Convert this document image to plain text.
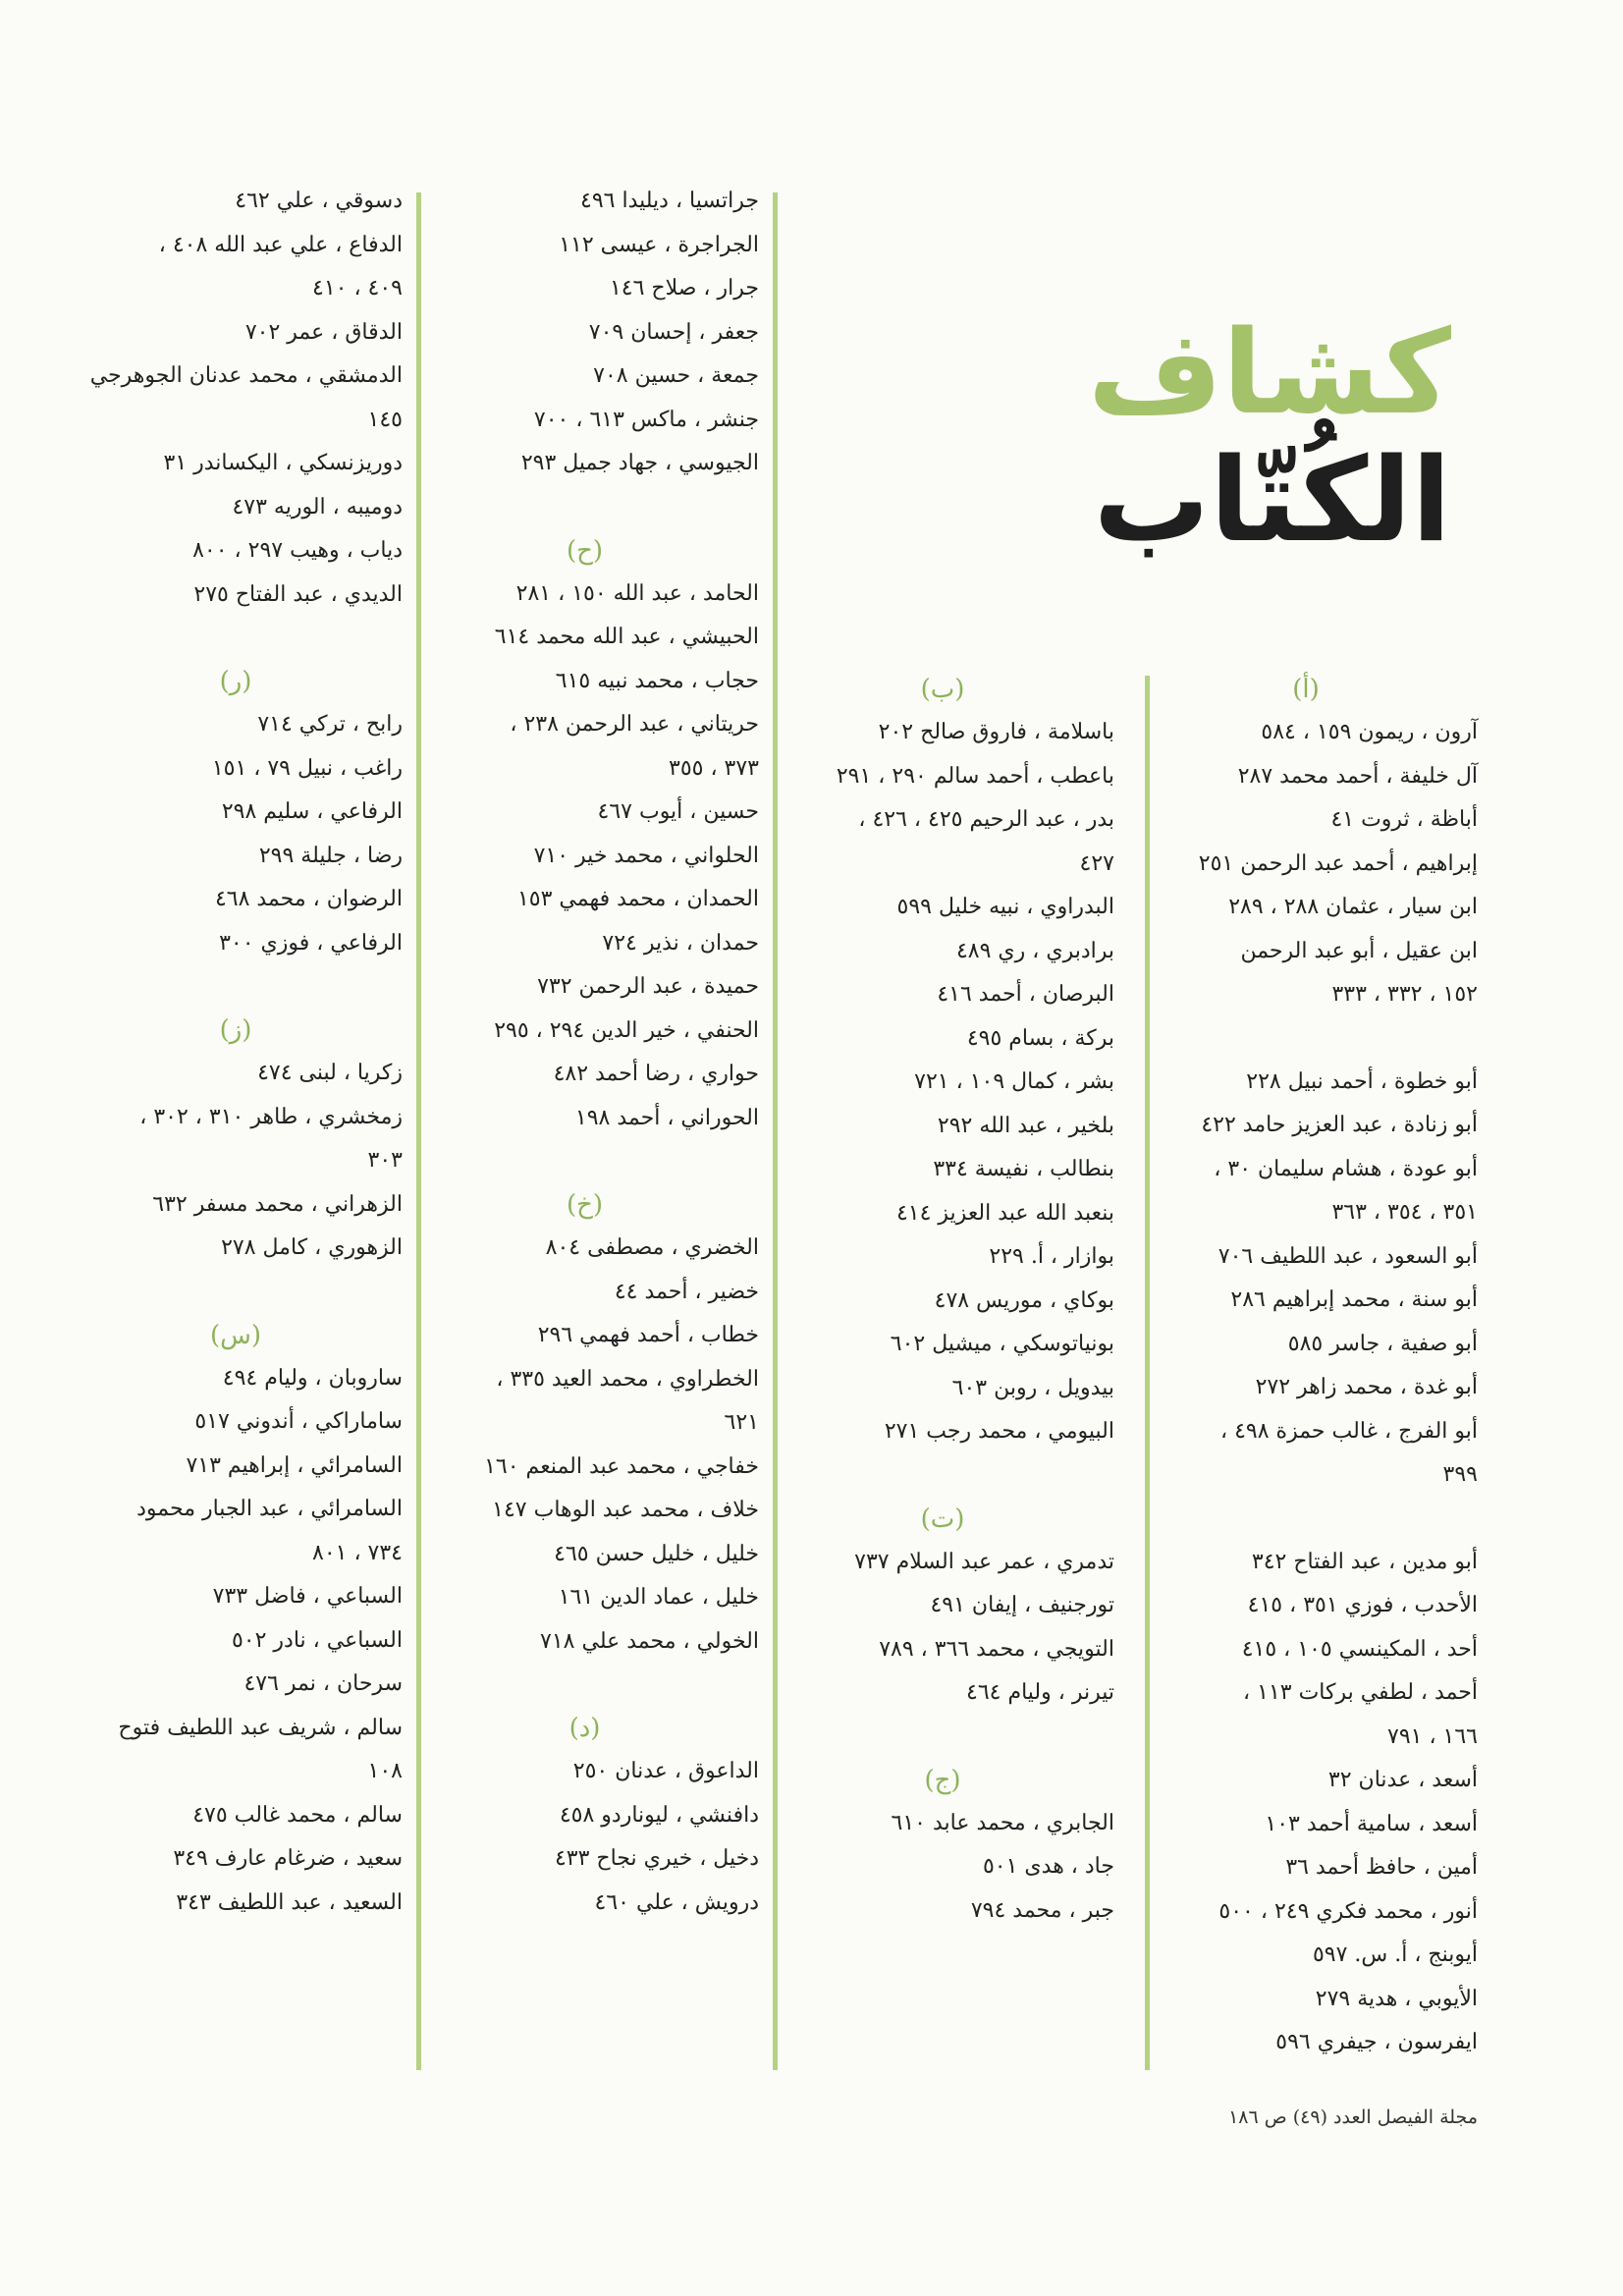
كشاف
الكُتّاب
(أ)
آرون ، ريمون ١٥٩ ، ٥٨٤
آل خليفة ، أحمد محمد ٢٨٧
أباظة ، ثروت ٤١
إبراهيم ، أحمد عبد الرحمن ٢٥١
ابن سيار ، عثمان ٢٨٨ ، ٢٨٩
ابن عقيل ، أبو عبد الرحمن
١٥٢ ، ٣٣٢ ، ٣٣٣
أبو خطوة ، أحمد نبيل ٢٢٨
أبو زنادة ، عبد العزيز حامد ٤٢٢
أبو عودة ، هشام سليمان ٣٠ ،
٣٥١ ، ٣٥٤ ، ٣٦٣
أبو السعود ، عبد اللطيف ٧٠٦
أبو سنة ، محمد إبراهيم ٢٨٦
أبو صفية ، جاسر ٥٨٥
أبو غدة ، محمد زاهر ٢٧٢
أبو الفرج ، غالب حمزة ٤٩٨ ،
٣٩٩
أبو مدين ، عبد الفتاح ٣٤٢
الأحدب ، فوزي ٣٥١ ، ٤١٥
أحد ، المكينسي ١٠٥ ، ٤١٥
أحمد ، لطفي بركات ١١٣ ،
١٦٦ ، ٧٩١
أسعد ، عدنان ٣٢
أسعد ، سامية أحمد ١٠٣
أمين ، حافظ أحمد ٣٦
أنور ، محمد فكري ٢٤٩ ، ٥٠٠
أيوبنج ، أ. س. ٥٩٧
الأيوبي ، هدية ٢٧٩
ايفرسون ، جيفري ٥٩٦
(ب)
باسلامة ، فاروق صالح ٢٠٢
باعطب ، أحمد سالم ٢٩٠ ، ٢٩١
بدر ، عبد الرحيم ٤٢٥ ، ٤٢٦ ،
٤٢٧
البدراوي ، نبيه خليل ٥٩٩
برادبري ، ري ٤٨٩
البرصان ، أحمد ٤١٦
بركة ، بسام ٤٩٥
بشر ، كمال ١٠٩ ، ٧٢١
بلخير ، عبد الله ٢٩٢
بنطالب ، نفيسة ٣٣٤
بنعبد الله عبد العزيز ٤١٤
بوازار ، أ. ٢٢٩
بوكاي ، موريس ٤٧٨
بونياتوسكي ، ميشيل ٦٠٢
بيدويل ، روبن ٦٠٣
البيومي ، محمد رجب ٢٧١
(ت)
تدمري ، عمر عبد السلام ٧٣٧
تورجنيف ، إيفان ٤٩١
التويجي ، محمد ٣٦٦ ، ٧٨٩
تيرنر ، وليام ٤٦٤
(ج)
الجابري ، محمد عابد ٦١٠
جاد ، هدى ٥٠١
جبر ، محمد ٧٩٤
جراتسيا ، ديليدا ٤٩٦
الجراجرة ، عيسى ١١٢
جرار ، صلاح ١٤٦
جعفر ، إحسان ٧٠٩
جمعة ، حسين ٧٠٨
جنشر ، ماكس ٦١٣ ، ٧٠٠
الجيوسي ، جهاد جميل ٢٩٣
(ح)
الحامد ، عبد الله ١٥٠ ، ٢٨١
الحبيشي ، عبد الله محمد ٦١٤
حجاب ، محمد نبيه ٦١٥
حريتاني ، عبد الرحمن ٢٣٨ ،
٣٧٣ ، ٣٥٥
حسين ، أيوب ٤٦٧
الحلواني ، محمد خير ٧١٠
الحمدان ، محمد فهمي ١٥٣
حمدان ، نذير ٧٢٤
حميدة ، عبد الرحمن ٧٣٢
الحنفي ، خير الدين ٢٩٤ ، ٢٩٥
حواري ، رضا أحمد ٤٨٢
الحوراني ، أحمد ١٩٨
(خ)
الخضري ، مصطفى ٨٠٤
خضير ، أحمد ٤٤
خطاب ، أحمد فهمي ٢٩٦
الخطراوي ، محمد العيد ٣٣٥ ،
٦٢١
خفاجي ، محمد عبد المنعم ١٦٠
خلاف ، محمد عبد الوهاب ١٤٧
خليل ، خليل حسن ٤٦٥
خليل ، عماد الدين ١٦١
الخولي ، محمد علي ٧١٨
(د)
الداعوق ، عدنان ٢٥٠
دافنشي ، ليوناردو ٤٥٨
دخيل ، خيري نجاح ٤٣٣
درويش ، علي ٤٦٠
دسوقي ، علي ٤٦٢
الدفاع ، علي عبد الله ٤٠٨ ،
٤٠٩ ، ٤١٠
الدقاق ، عمر ٧٠٢
الدمشقي ، محمد عدنان الجوهرجي
١٤٥
دوريزنسكي ، اليكساندر ٣١
دوميبه ، الوريه ٤٧٣
دياب ، وهيب ٢٩٧ ، ٨٠٠
الديدي ، عبد الفتاح ٢٧٥
(ر)
رابح ، تركي ٧١٤
راغب ، نبيل ٧٩ ، ١٥١
الرفاعي ، سليم ٢٩٨
رضا ، جليلة ٢٩٩
الرضوان ، محمد ٤٦٨
الرفاعي ، فوزي ٣٠٠
(ز)
زكريا ، لبنى ٤٧٤
زمخشري ، طاهر ٣١٠ ، ٣٠٢ ،
٣٠٣
الزهراني ، محمد مسفر ٦٣٢
الزهوري ، كامل ٢٧٨
(س)
ساروبان ، وليام ٤٩٤
ساماراكي ، أندوني ٥١٧
السامرائي ، إبراهيم ٧١٣
السامرائي ، عبد الجبار محمود
٧٣٤ ، ٨٠١
السباعي ، فاضل ٧٣٣
السباعي ، نادر ٥٠٢
سرحان ، نمر ٤٧٦
سالم ، شريف عبد اللطيف فتوح
١٠٨
سالم ، محمد غالب ٤٧٥
سعيد ، ضرغام عارف ٣٤٩
السعيد ، عبد اللطيف ٣٤٣
مجلة الفيصل العدد (٤٩) ص ١٨٦
